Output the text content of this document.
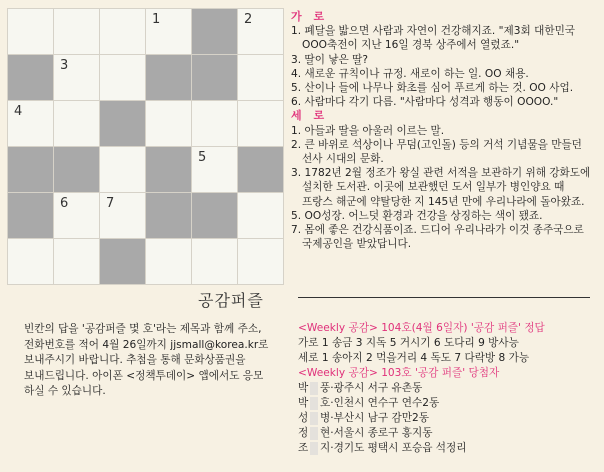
1	2
3
4
5
6	7
공감퍼즐
가 로
1. 폐달을 밟으면 사람과 자연이 건강해지죠. "제3회 대한민국
OOO축전이 지난 16일 경북 상주에서 열렸죠."
3. 딸이 낳은 딸?
4. 새로운 규칙이나 규정. 새로이 하는 일. OO 채용.
5. 산이나 들에 나무나 화초를 심어 푸르게 하는 것. OO 사업.
6. 사람마다 각기 다름. "사람마다 성격과 행동이 OOOO."
세 로
1. 아들과 딸을 아울러 이르는 말.
2. 큰 바위로 석상이나 무덤(고인돌) 등의 거석 기념물을 만들던
선사 시대의 문화.
3. 1782년 2월 정조가 왕실 관련 서적을 보관하기 위해 강화도에
설치한 도서관. 이곳에 보관했던 도서 일부가 병인양요 때
프랑스 해군에 약탈당한 지 145년 만에 우리나라에 돌아왔죠.
5. OO성장. 어느덧 환경과 건강을 상징하는 색이 됐죠.
7. 몸에 좋은 건강식품이죠. 드디어 우리나라가 이것 종주국으로
국제공인을 받았답니다.
빈칸의 답을 '공감퍼즐 몇 호'라는 제목과 함께 주소,
전화번호를 적어 4월 26일까지 jjsmall@korea.kr로
보내주시기 바랍니다. 추첨을 통해 문화상품권을
보내드립니다. 아이폰 <정책투데이> 앱에서도 응모
하실 수 있습니다.
<Weekly 공감> 104호(4월 6일자) '공감 퍼즐' 정답
가로 1 송금 3 지독 5 거시기 6 도다리 9 방사능
세로 1 송아지 2 먹을거리 4 독도 7 다락방 8 가능
<Weekly 공감> 103호 '공감 퍼즐' 당첨자
박 풍·광주시 서구 유촌동
박 호·인천시 연수구 연수2동
성 병·부산시 남구 감만2동
정 현·서울시 종로구 홍지동
조 지·경기도 평택시 포승읍 석정리
